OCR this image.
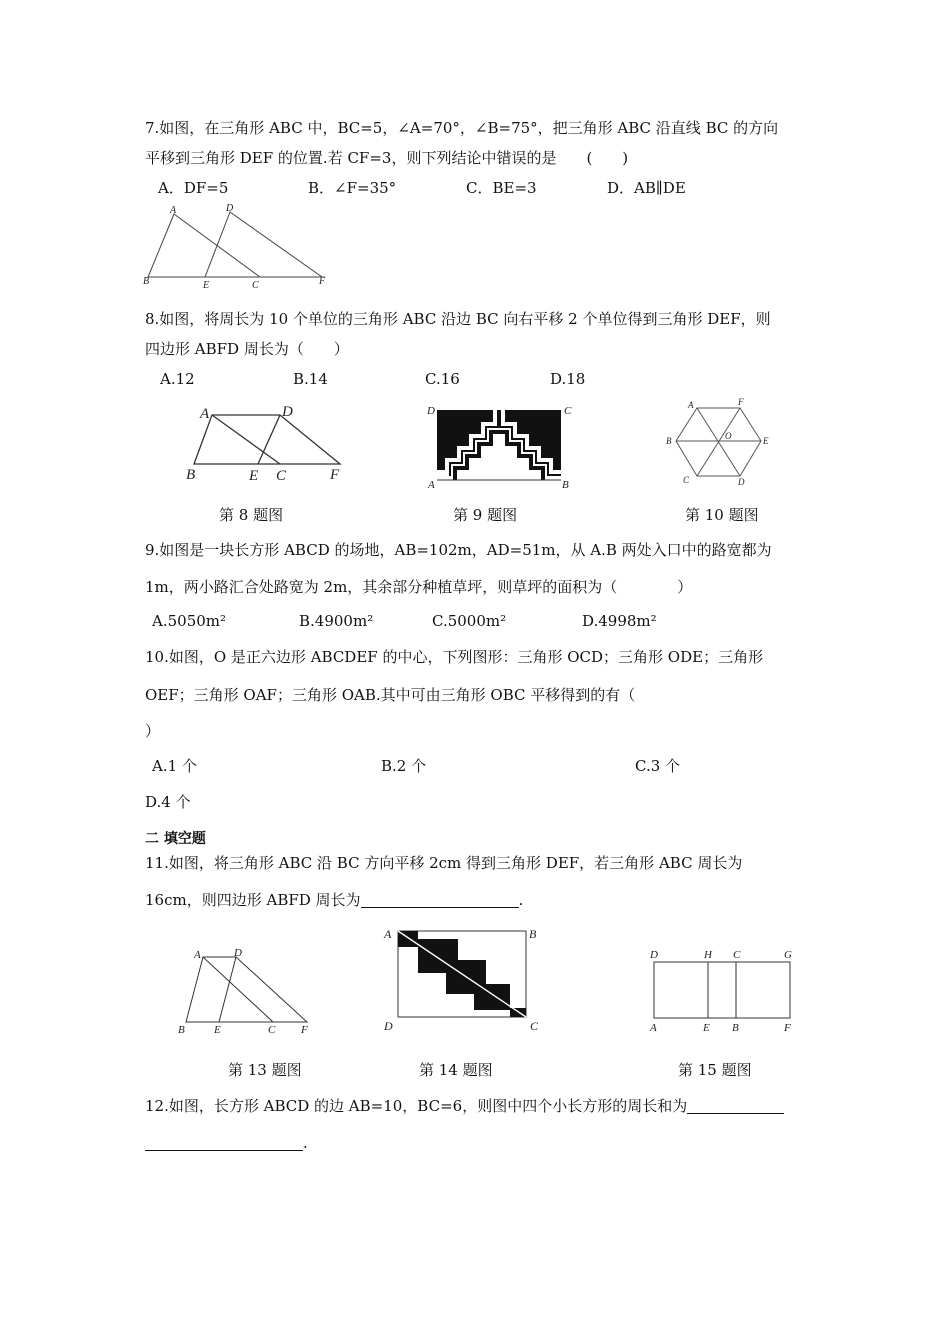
7.如图，在三角形 ABC 中，BC=5，∠A=70°，∠B=75°，把三角形 ABC 沿直线 BC 的方向
平移到三角形 DEF 的位置.若 CF=3，则下列结论中错误的是　　(　　)
A．DF=5	B．∠F=35°	C．BE=3	D．AB∥DE
A	D
B	E	C	F
8.如图，将周长为 10 个单位的三角形 ABC 沿边 BC 向右平移 2 个单位得到三角形 DEF，则
四边形 ABFD 周长为（　　）
A.12	B.14	C.16	D.18
A	D
B	E C	F
D	C
A	B
A	F
B	O	E
C	D
第 8 题图	第 9 题图	第 10 题图
9.如图是一块长方形 ABCD 的场地，AB=102m，AD=51m，从 A.B 两处入口中的路宽都为
1m，两小路汇合处路宽为 2m，其余部分种植草坪，则草坪的面积为（　　　　）
A.5050m²	B.4900m²	C.5000m²	D.4998m²
10.如图，O 是正六边形 ABCDEF 的中心，下列图形：三角形 OCD；三角形 ODE；三角形
OEF；三角形 OAF；三角形 OAB.其中可由三角形 OBC 平移得到的有（
）
A.1 个	B.2 个	C.3 个
D.4 个
二 填空题
11.如图，将三角形 ABC 沿 BC 方向平移 2cm 得到三角形 DEF，若三角形 ABC 周长为
16cm，则四边形 ABFD 周长为	.
A	D
B	E	C F
A	B
D	C
D	H C	G
A	E B	F
第 13 题图	第 14 题图	第 15 题图
12.如图，长方形 ABCD 的边 AB=10，BC=6，则图中四个小长方形的周长和为
.
